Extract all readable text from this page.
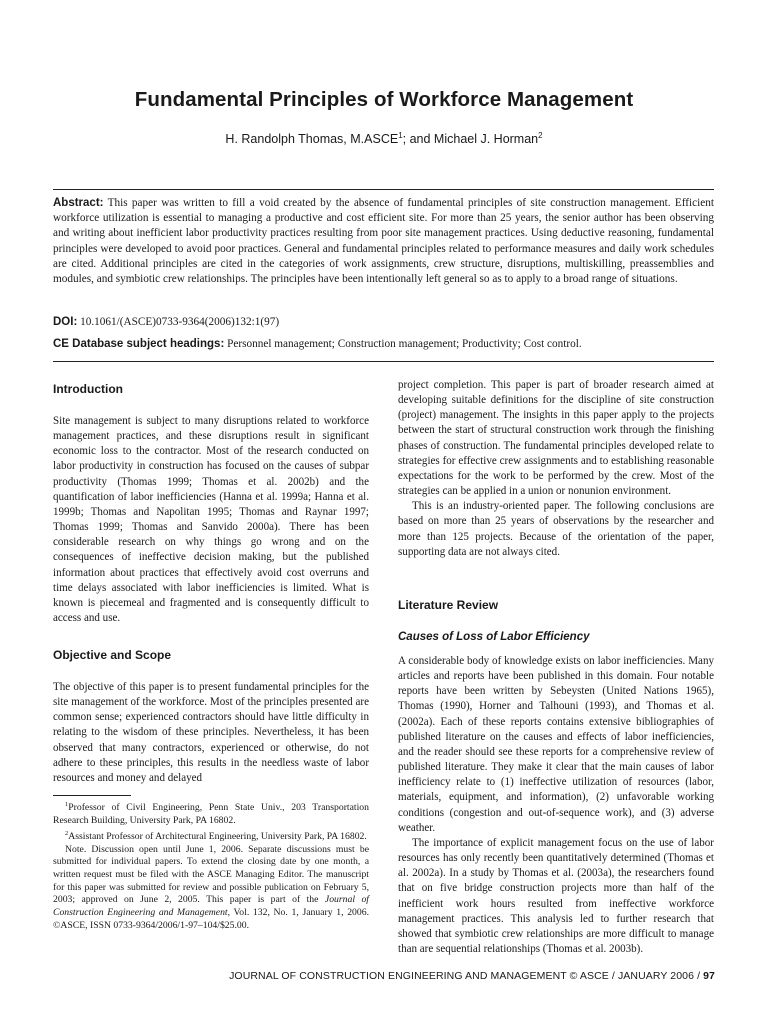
Fundamental Principles of Workforce Management
H. Randolph Thomas, M.ASCE$^1$; and Michael J. Horman$^2$

Abstract: This paper was written to fill a void created by the absence of fundamental principles of site construction management. Efficient workforce utilization is essential to managing a productive and cost efficient site. For more than 25 years, the senior author has been observing and writing about inefficient labor productivity practices resulting from poor site management practices. Using deductive reasoning, fundamental principles were developed to avoid poor practices. General and fundamental principles related to performance measures and daily work schedules are cited. Additional principles are cited in the categories of work assignments, crew structure, disruptions, multiskilling, preassemblies and modules, and symbiotic crew relationships. The principles have been intentionally left general so as to apply to a broad range of situations.

DOI: 10.1061/(ASCE)0733-9364(2006)132:1(97)

CE Database subject headings: Personnel management; Construction management; Productivity; Cost control.

Introduction

Site management is subject to many disruptions related to workforce management practices, and these disruptions result in significant economic loss to the contractor. Most of the research conducted on labor productivity in construction has focused on the causes of subpar productivity (Thomas 1999; Thomas et al. 2002b) and the quantification of labor inefficiencies (Hanna et al. 1999a; Hanna et al. 1999b; Thomas and Napolitan 1995; Thomas and Raynar 1997; Thomas 1999; Thomas and Sanvido 2000a). There has been considerable research on why things go wrong and on the consequences of ineffective decision making, but the published information about practices that effectively avoid cost overruns and time delays associated with labor inefficiencies is limited. What is known is piecemeal and fragmented and is consequently difficult to access and use.

Objective and Scope

The objective of this paper is to present fundamental principles for the site management of the workforce. Most of the principles presented are common sense; experienced contractors should have little difficulty in relating to the wisdom of these principles. Nevertheless, it has been observed that many contractors, experienced or otherwise, do not adhere to these principles, this results in the needless waste of labor resources and money and delayed

$^1$Professor of Civil Engineering, Penn State Univ., 203 Transportation Research Building, University Park, PA 16802.

$^2$Assistant Professor of Architectural Engineering, University Park, PA 16802.

Note. Discussion open until June 1, 2006. Separate discussions must be submitted for individual papers. To extend the closing date by one month, a written request must be filed with the ASCE Managing Editor. The manuscript for this paper was submitted for review and possible publication on February 5, 2003; approved on June 2, 2005. This paper is part of the Journal of Construction Engineering and Management, Vol. 132, No. 1, January 1, 2006. ©ASCE, ISSN 0733-9364/2006/1-97–104/$25.00.

project completion. This paper is part of broader research aimed at developing suitable definitions for the discipline of site construction (project) management. The insights in this paper apply to the projects between the start of structural construction work through the finishing phases of construction. The fundamental principles developed relate to strategies for effective crew assignments and to establishing reasonable expectations for the work to be performed by the crew. Most of the strategies can be applied in a union or nonunion environment.

This is an industry-oriented paper. The following conclusions are based on more than 25 years of observations by the researcher and more than 125 projects. Because of the orientation of the paper, supporting data are not always cited.

Literature Review
Causes of Loss of Labor Efficiency

A considerable body of knowledge exists on labor inefficiencies. Many articles and reports have been published in this domain. Four notable reports have been written by Sebeysten (United Nations 1965), Thomas (1990), Horner and Talhouni (1993), and Thomas et al. (2002a). Each of these reports contains extensive bibliographies of published literature on the causes and effects of labor inefficiencies, and the reader should see these reports for a comprehensive review of published literature. They make it clear that the main causes of labor inefficiency relate to (1) ineffective utilization of resources (labor, materials, equipment, and information), (2) unfavorable working conditions (congestion and out-of-sequence work), and (3) adverse weather.

The importance of explicit management focus on the use of labor resources has only recently been quantitatively determined (Thomas et al. 2002a). In a study by Thomas et al. (2003a), the researchers found that on five bridge construction projects more than half of the inefficient work hours resulted from ineffective workforce management practices. This analysis led to further research that showed that symbiotic crew relationships are more difficult to manage than are sequential relationships (Thomas et al. 2003b).

JOURNAL OF CONSTRUCTION ENGINEERING AND MANAGEMENT © ASCE / JANUARY 2006 / 97
